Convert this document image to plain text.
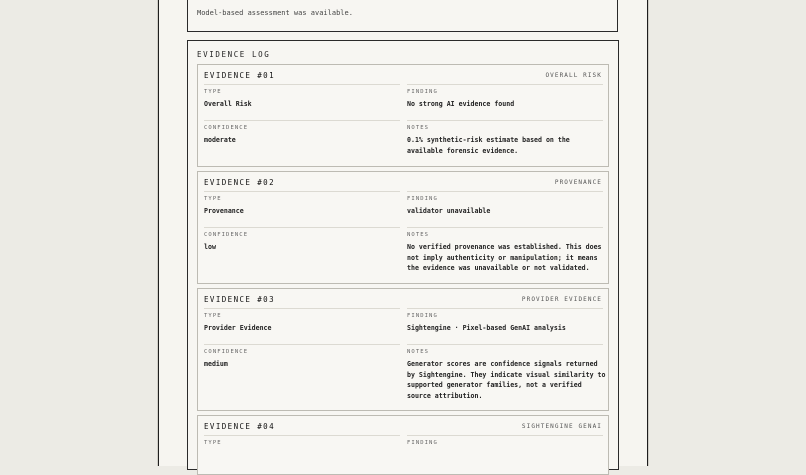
Model-based assessment was available.
EVIDENCE LOG
EVIDENCE #01	OVERALL RISK
TYPE
Overall Risk
FINDING
No strong AI evidence found
CONFIDENCE
moderate
NOTES
0.1% synthetic-risk estimate based on the
available forensic evidence.
EVIDENCE #02	PROVENANCE
TYPE
Provenance
FINDING
validator unavailable
CONFIDENCE
low
NOTES
No verified provenance was established. This does
not imply authenticity or manipulation; it means
the evidence was unavailable or not validated.
EVIDENCE #03	PROVIDER EVIDENCE
TYPE
Provider Evidence
FINDING
Sightengine · Pixel-based GenAI analysis
CONFIDENCE
medium
NOTES
Generator scores are confidence signals returned
by Sightengine. They indicate visual similarity to
supported generator families, not a verified
source attribution.
EVIDENCE #04	SIGHTENGINE GENAI
TYPE	FINDING
